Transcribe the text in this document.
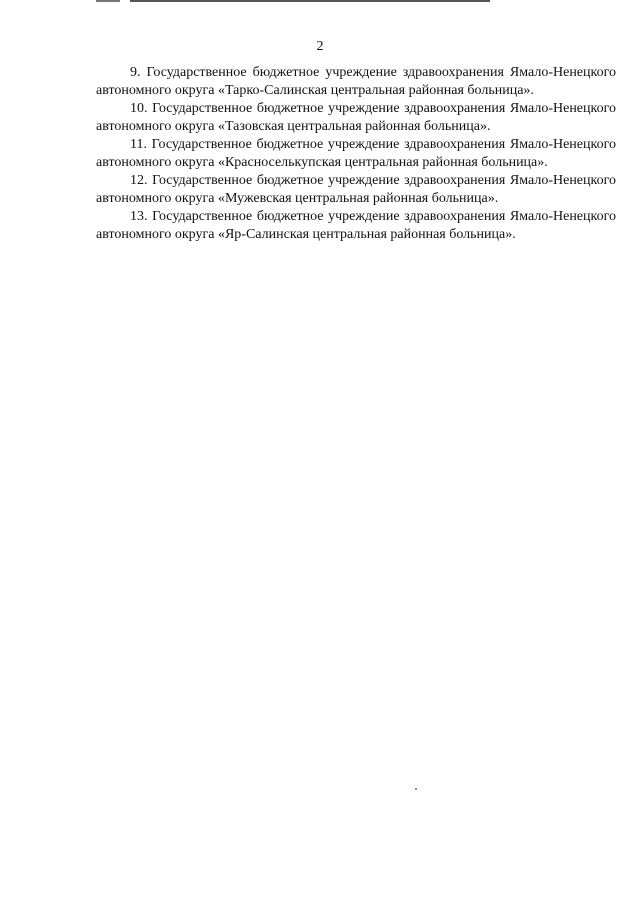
2

9. Государственное бюджетное учреждение здравоохранения Ямало-Ненецкого автономного округа «Тарко-Салинская центральная районная больница».

10. Государственное бюджетное учреждение здравоохранения Ямало-Ненецкого автономного округа «Тазовская центральная районная больница».

11. Государственное бюджетное учреждение здравоохранения Ямало-Ненецкого автономного округа «Красноселькупская центральная районная больница».

12. Государственное бюджетное учреждение здравоохранения Ямало-Ненецкого автономного округа «Мужевская центральная районная больница».

13. Государственное бюджетное учреждение здравоохранения Ямало-Ненецкого автономного округа «Яр-Салинская центральная районная больница».
